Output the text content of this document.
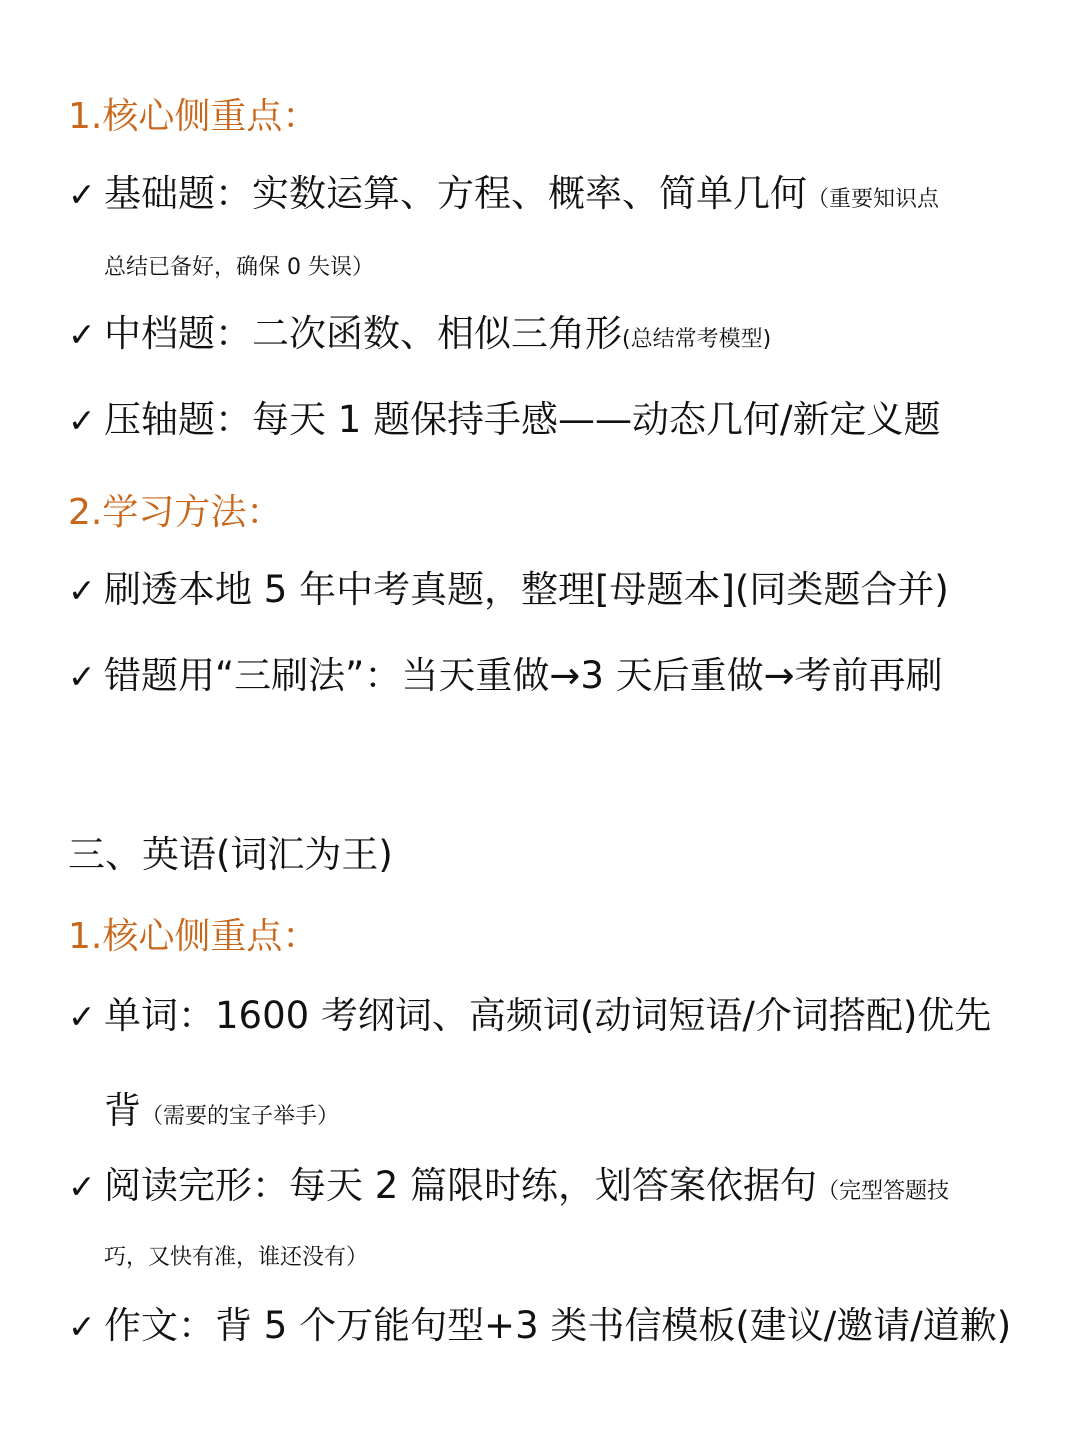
1.核心侧重点：
✓ 基础题：实数运算、方程、概率、简单几何（重要知识点
总结已备好，确保 0 失误）
✓ 中档题：二次函数、相似三角形(总结常考模型)
✓ 压轴题：每天 1 题保持手感——动态几何/新定义题
2.学习方法：
✓ 刷透本地 5 年中考真题，整理[母题本](同类题合并)
✓ 错题用“三刷法”：当天重做→3 天后重做→考前再刷
三、英语(词汇为王)
1.核心侧重点：
✓ 单词：1600 考纲词、高频词(动词短语/介词搭配)优先
背（需要的宝子举手）
✓ 阅读完形：每天 2 篇限时练，划答案依据句（完型答题技
巧，又快有准，谁还没有）
✓ 作文：背 5 个万能句型+3 类书信模板(建议/邀请/道歉)
